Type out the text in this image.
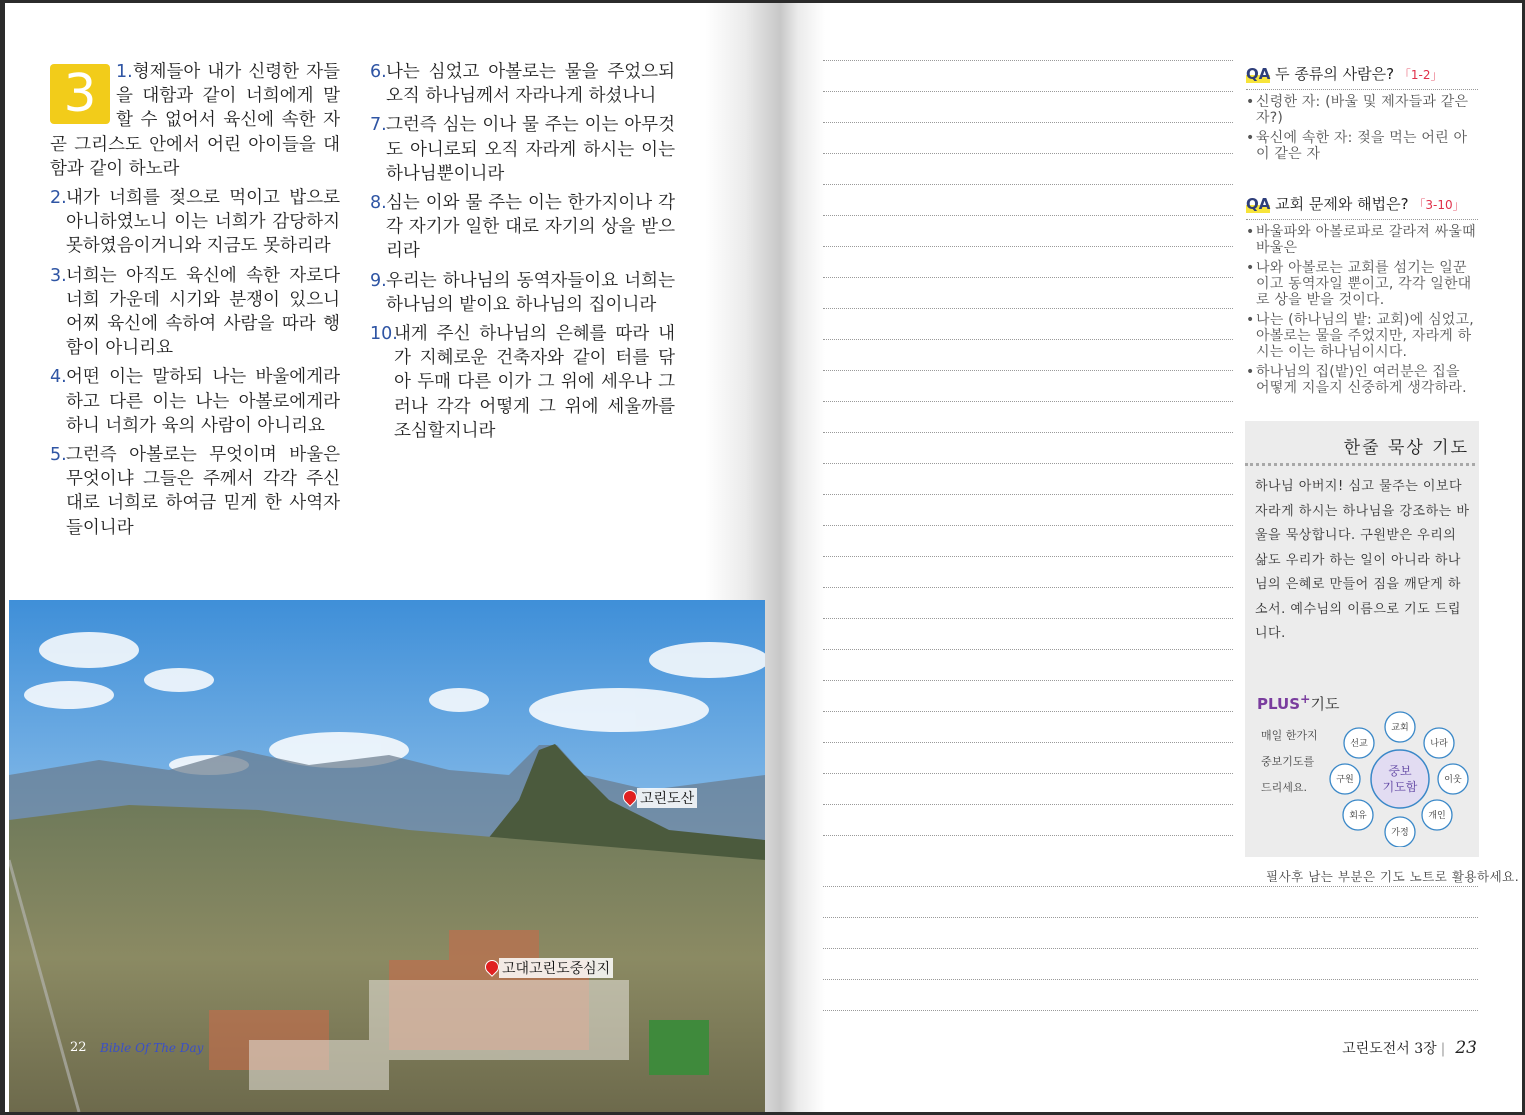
3	1.형제들아 내가 신령한 자들을 대함과 같이 너희에게 말할 수 없어서 육신에 속한 자 곧 그리스도 안에서 어린 아이들을 대함과 같이 하노라
2. 내가 너희를 젖으로 먹이고 밥으로 아니하였노니 이는 너희가 감당하지 못하였음이거니와 지금도 못하리라
3. 너희는 아직도 육신에 속한 자로다 너희 가운데 시기와 분쟁이 있으니 어찌 육신에 속하여 사람을 따라 행함이 아니리요
4. 어떤 이는 말하되 나는 바울에게라 하고 다른 이는 나는 아볼로에게라 하니 너희가 육의 사람이 아니리요
5. 그런즉 아볼로는 무엇이며 바울은 무엇이냐 그들은 주께서 각각 주신 대로 너희로 하여금 믿게 한 사역자들이니라
6. 나는 심었고 아볼로는 물을 주었으되 오직 하나님께서 자라나게 하셨나니
7. 그런즉 심는 이나 물 주는 이는 아무것도 아니로되 오직 자라게 하시는 이는 하나님뿐이니라
8. 심는 이와 물 주는 이는 한가지이나 각각 자기가 일한 대로 자기의 상을 받으리라
9. 우리는 하나님의 동역자들이요 너희는 하나님의 밭이요 하나님의 집이니라
10.
내게 주신 하나님의 은혜를 따라 내가 지혜로운 건축자와 같이 터를 닦아 두매 다른 이가 그 위에 세우나 그러나 각각 어떻게 그 위에 세울까를 조심할지니라
고린도산
고대고린도중심지
22 Bible Of The Day
QA 두 종류의 사람은? 「1-2」
• 신령한 자: (바울 및 제자들과 같은 자?)
• 육신에 속한 자: 젖을 먹는 어린 아이 같은 자
QA 교회 문제와 해법은? 「3-10」
• 바울파와 아볼로파로 갈라져 싸울때 바울은
• 나와 아볼로는 교회를 섬기는 일꾼이고 동역자일 뿐이고, 각각 일한대로 상을 받을 것이다.
• 나는 (하나님의 밭: 교회)에 심었고, 아볼로는 물을 주었지만, 자라게 하시는 이는 하나님이시다.
• 하나님의 집(밭)인 여러분은 집을 어떻게 지을지 신중하게 생각하라.
한줄 묵상 기도
하나님 아버지! 심고 물주는 이보다 자라게 하시는 하나님을 강조하는 바울을 묵상합니다. 구원받은 우리의 삶도 우리가 하는 일이 아니라 하나님의 은혜로 만들어 짐을 깨닫게 하소서. 예수님의 이름으로 기도 드립니다.
PLUS+기도
매일 한가지
중보기도를
드리세요.
교회
나라
이웃
개인
가정
회유
구원
선교
중보
기도함
필사후 남는 부분은 기도 노트로 활용하세요.
고린도전서 3장 | 23
